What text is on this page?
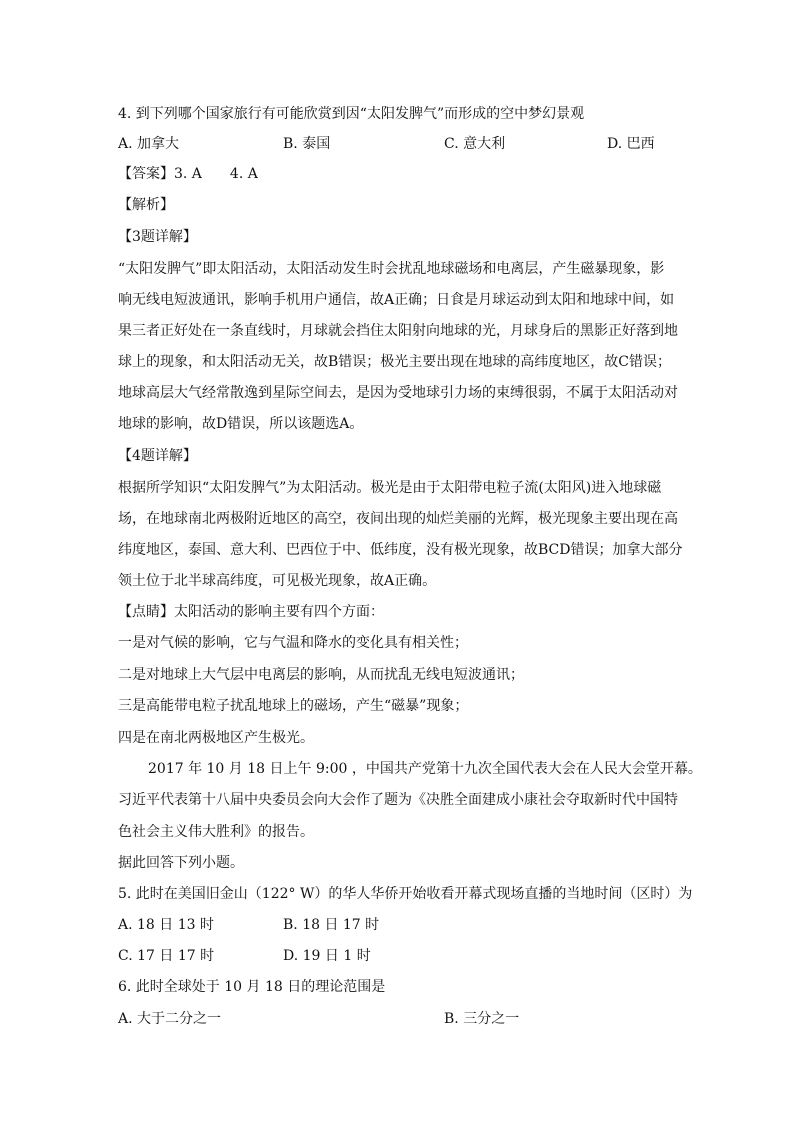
4. 到下列哪个国家旅行有可能欣赏到因“太阳发脾气”而形成的空中梦幻景观
A. 加拿大	B. 泰国	C. 意大利	D. 巴西
【答案】3. A 4. A
【解析】
【3题详解】
“太阳发脾气”即太阳活动，太阳活动发生时会扰乱地球磁场和电离层，产生磁暴现象，影
响无线电短波通讯，影响手机用户通信，故A正确；日食是月球运动到太阳和地球中间，如
果三者正好处在一条直线时，月球就会挡住太阳射向地球的光，月球身后的黑影正好落到地
球上的现象，和太阳活动无关，故B错误；极光主要出现在地球的高纬度地区，故C错误；
地球高层大气经常散逸到星际空间去，是因为受地球引力场的束缚很弱，不属于太阳活动对
地球的影响，故D错误，所以该题选A。
【4题详解】
根据所学知识“太阳发脾气”为太阳活动。极光是由于太阳带电粒子流(太阳风)进入地球磁
场，在地球南北两极附近地区的高空，夜间出现的灿烂美丽的光辉，极光现象主要出现在高
纬度地区，泰国、意大利、巴西位于中、低纬度，没有极光现象，故BCD错误；加拿大部分
领土位于北半球高纬度，可见极光现象，故A正确。
【点睛】太阳活动的影响主要有四个方面：
一是对气候的影响，它与气温和降水的变化具有相关性；
二是对地球上大气层中电离层的影响，从而扰乱无线电短波通讯；
三是高能带电粒子扰乱地球上的磁场，产生“磁暴”现象；
四是在南北两极地区产生极光。
2017 年 10 月 18 日上午 9:00 ，中国共产党第十九次全国代表大会在人民大会堂开幕。
习近平代表第十八届中央委员会向大会作了题为《决胜全面建成小康社会夺取新时代中国特
色社会主义伟大胜利》的报告。
据此回答下列小题。
5. 此时在美国旧金山（122° W）的华人华侨开始收看开幕式现场直播的当地时间（区时）为
A. 18 日 13 时	B. 18 日 17 时
C. 17 日 17 时	D. 19 日 1 时
6. 此时全球处于 10 月 18 日的理论范围是
A. 大于二分之一	B. 三分之一
